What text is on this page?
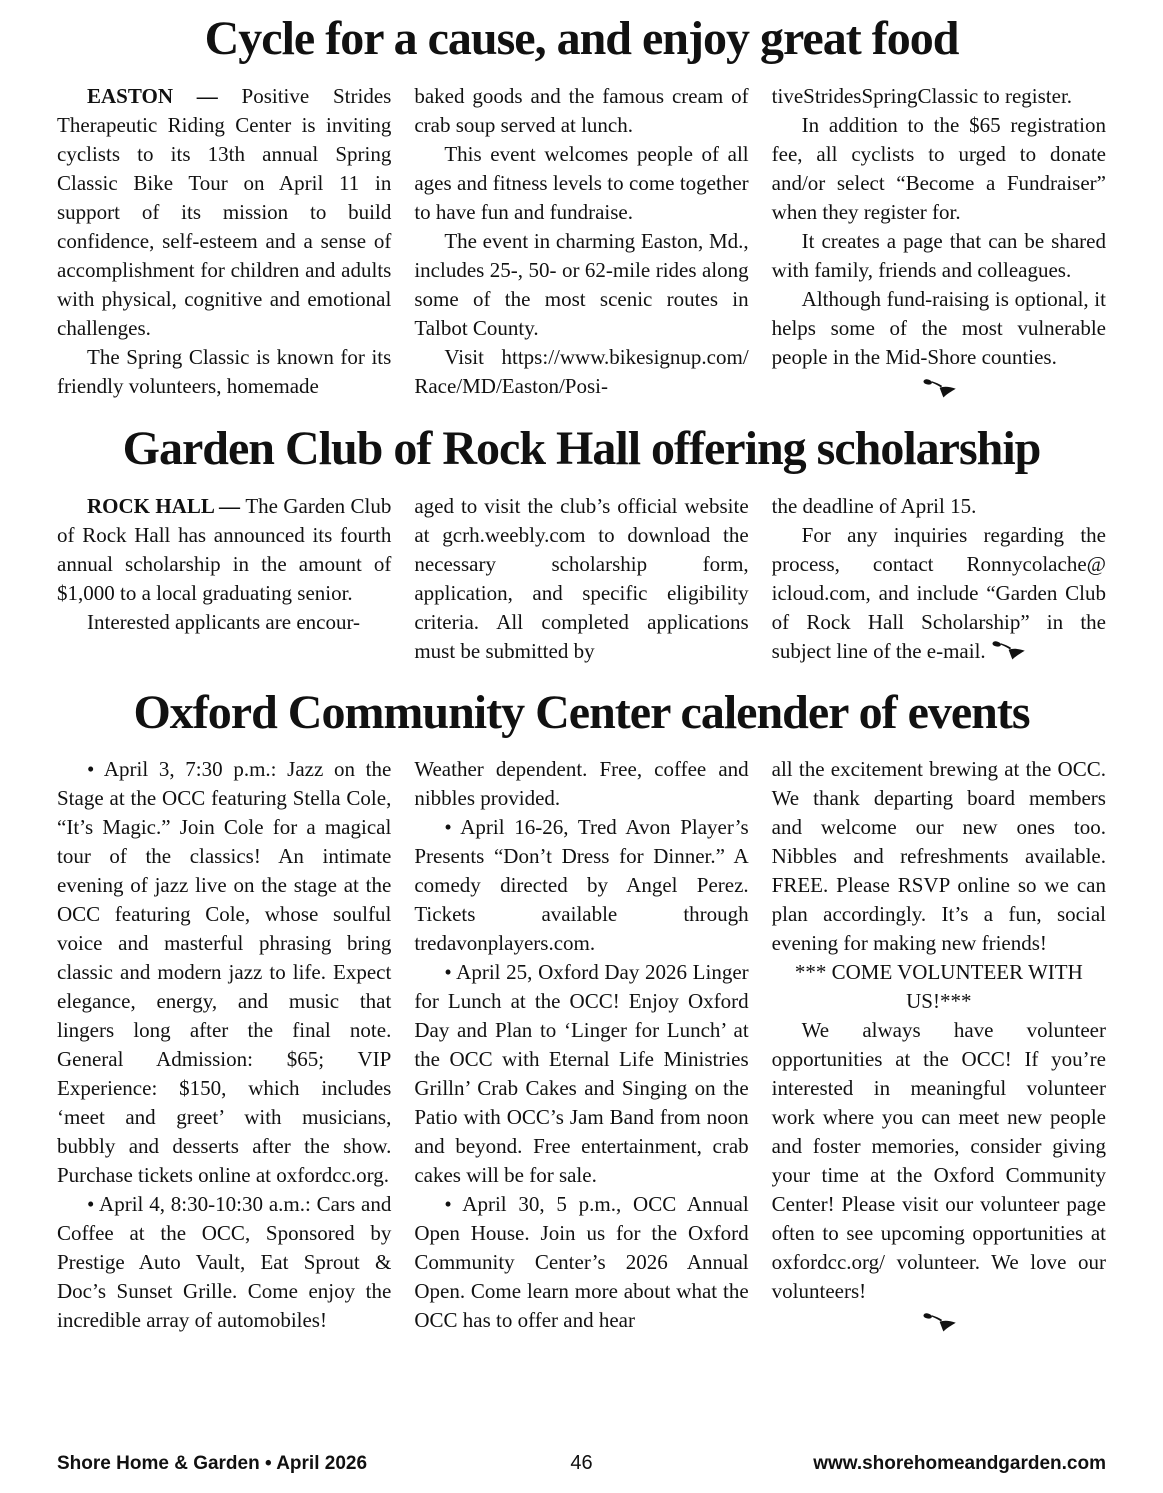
Cycle for a cause, and enjoy great food

EASTON — Positive Strides Therapeutic Riding Center is inviting cyclists to its 13th annual Spring Classic Bike Tour on April 11 in support of its mission to build confidence, self-esteem and a sense of accomplishment for children and adults with physical, cognitive and emotional challenges.

The Spring Classic is known for its friendly volunteers, homemade

baked goods and the famous cream of crab soup served at lunch.

This event welcomes people of all ages and fitness levels to come together to have fun and fundraise.

The event in charming Easton, Md., includes 25-, 50- or 62-mile rides along some of the most scenic routes in Talbot County.

Visit https://www.bikesignup.com/Race/MD/Easton/Posi-

tiveStridesSpringClassic to register.

In addition to the $65 registration fee, all cyclists to urged to donate and/or select “Become a Fundraiser” when they register for.

It creates a page that can be shared with family, friends and colleagues.

Although fund-raising is optional, it helps some of the most vulnerable people in the Mid-Shore counties.

Garden Club of Rock Hall offering scholarship

ROCK HALL — The Garden Club of Rock Hall has announced its fourth annual scholarship in the amount of $1,000 to a local graduating senior.

Interested applicants are encour-

aged to visit the club’s official website at gcrh.weebly.com to download the necessary scholarship form, application, and specific eligibility criteria. All completed applications must be submitted by

the deadline of April 15.

For any inquiries regarding the process, contact Ronnycolache@ icloud.com, and include “Garden Club of Rock Hall Scholarship” in the subject line of the e-mail.

Oxford Community Center calender of events

• April 3, 7:30 p.m.: Jazz on the Stage at the OCC featuring Stella Cole, “It’s Magic.” Join Cole for a magical tour of the classics! An intimate evening of jazz live on the stage at the OCC featuring Cole, whose soulful voice and masterful phrasing bring classic and modern jazz to life. Expect elegance, energy, and music that lingers long after the final note. General Admission: $65; VIP Experience: $150, which includes ‘meet and greet’ with musicians, bubbly and desserts after the show. Purchase tickets online at oxfordcc.org.

• April 4, 8:30-10:30 a.m.: Cars and Coffee at the OCC, Sponsored by Prestige Auto Vault, Eat Sprout & Doc’s Sunset Grille. Come enjoy the incredible array of automobiles!

Weather dependent. Free, coffee and nibbles provided.

• April 16-26, Tred Avon Player’s Presents “Don’t Dress for Dinner.” A comedy directed by Angel Perez. Tickets available through tredavonplayers.com.

• April 25, Oxford Day 2026 Linger for Lunch at the OCC! Enjoy Oxford Day and Plan to ‘Linger for Lunch’ at the OCC with Eternal Life Ministries Grilln’ Crab Cakes and Singing on the Patio with OCC’s Jam Band from noon and beyond. Free entertainment, crab cakes will be for sale.

• April 30, 5 p.m., OCC Annual Open House. Join us for the Oxford Community Center’s 2026 Annual Open. Come learn more about what the OCC has to offer and hear

all the excitement brewing at the OCC. We thank departing board members and welcome our new ones too. Nibbles and refreshments available. FREE. Please RSVP online so we can plan accordingly. It’s a fun, social evening for making new friends!

*** COME VOLUNTEER WITH US!***

We always have volunteer opportunities at the OCC! If you’re interested in meaningful volunteer work where you can meet new people and foster memories, consider giving your time at the Oxford Community Center! Please visit our volunteer page often to see upcoming opportunities at oxfordcc.org/ volunteer. We love our volunteers!

Shore Home & Garden • April 2026	46	www.shorehomeandgarden.com
